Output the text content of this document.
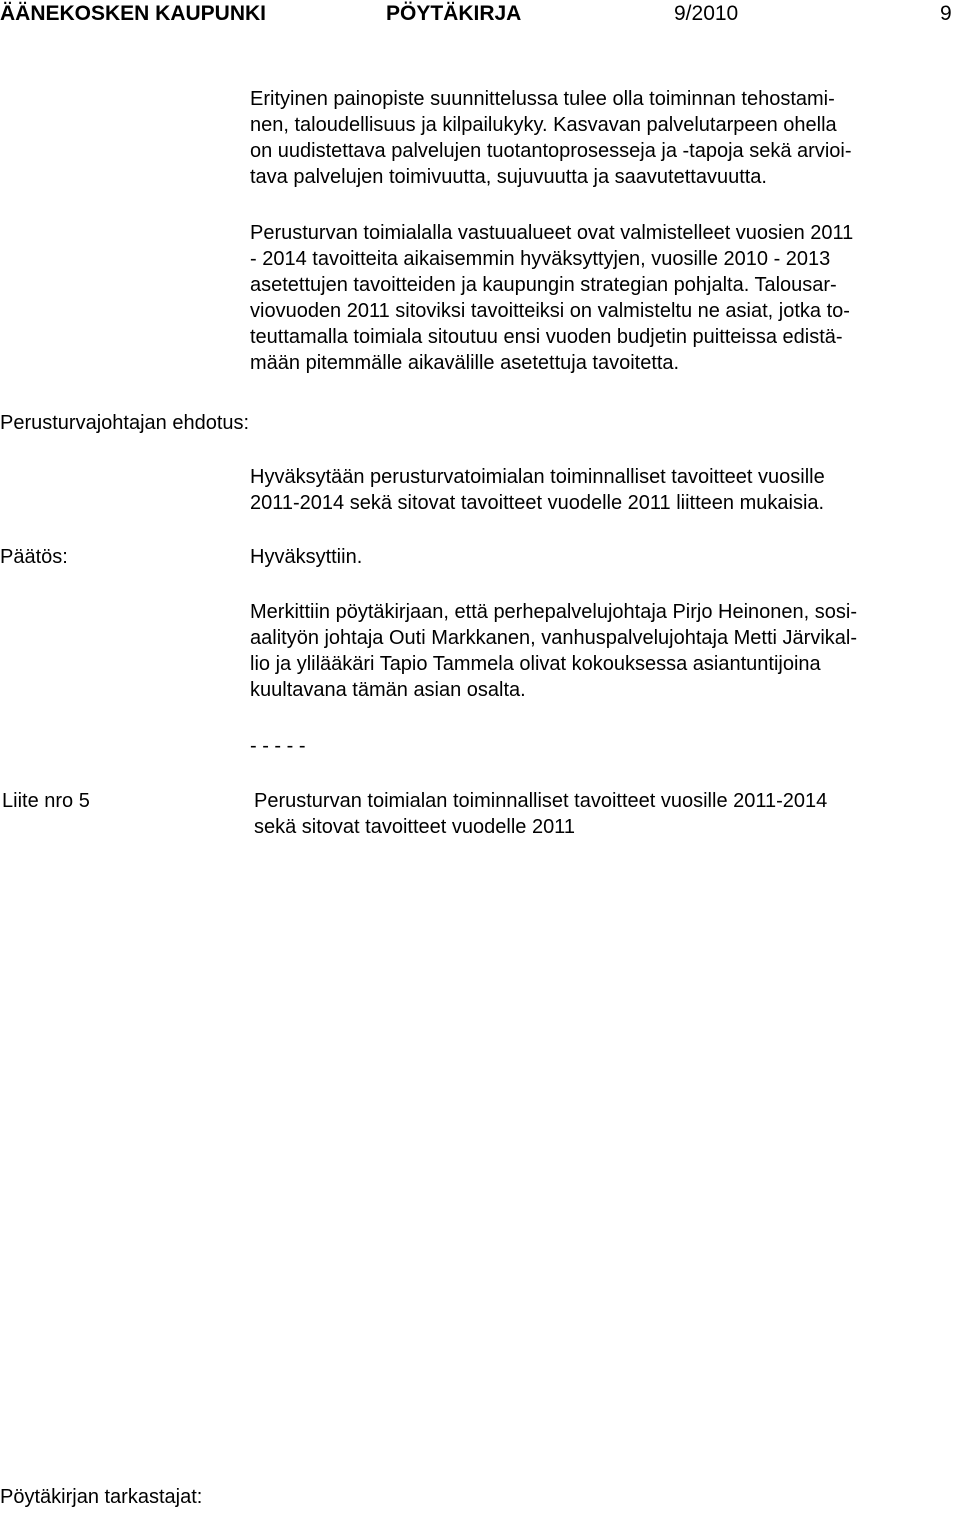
ÄÄNEKOSKEN KAUPUNKI	PÖYTÄKIRJA	9/2010	9
Erityinen painopiste suunnittelussa tulee olla toiminnan tehostami-
nen, taloudellisuus ja kilpailukyky. Kasvavan palvelutarpeen ohella
on uudistettava palvelujen tuotantoprosesseja ja -tapoja sekä arvioi-
tava palvelujen toimivuutta, sujuvuutta ja saavutettavuutta.
Perusturvan toimialalla vastuualueet ovat valmistelleet vuosien 2011
- 2014 tavoitteita aikaisemmin hyväksyttyjen, vuosille 2010 - 2013
asetettujen tavoitteiden ja kaupungin strategian pohjalta. Talousar-
viovuoden 2011 sitoviksi tavoitteiksi on valmisteltu ne asiat, jotka to-
teuttamalla toimiala sitoutuu ensi vuoden budjetin puitteissa edistä-
mään pitemmälle aikavälille asetettuja tavoitetta.
Perusturvajohtajan ehdotus:
Hyväksytään perusturvatoimialan toiminnalliset tavoitteet vuosille
2011-2014 sekä sitovat tavoitteet vuodelle 2011 liitteen mukaisia.
Päätös:	Hyväksyttiin.
Merkittiin pöytäkirjaan, että perhepalvelujohtaja Pirjo Heinonen, sosi-
aalityön johtaja Outi Markkanen, vanhuspalvelujohtaja Metti Järvikal-
lio ja ylilääkäri Tapio Tammela olivat kokouksessa asiantuntijoina
kuultavana tämän asian osalta.
- - - - -
Liite nro 5	Perusturvan toimialan toiminnalliset tavoitteet vuosille 2011-2014
sekä sitovat tavoitteet vuodelle 2011
Pöytäkirjan tarkastajat:
